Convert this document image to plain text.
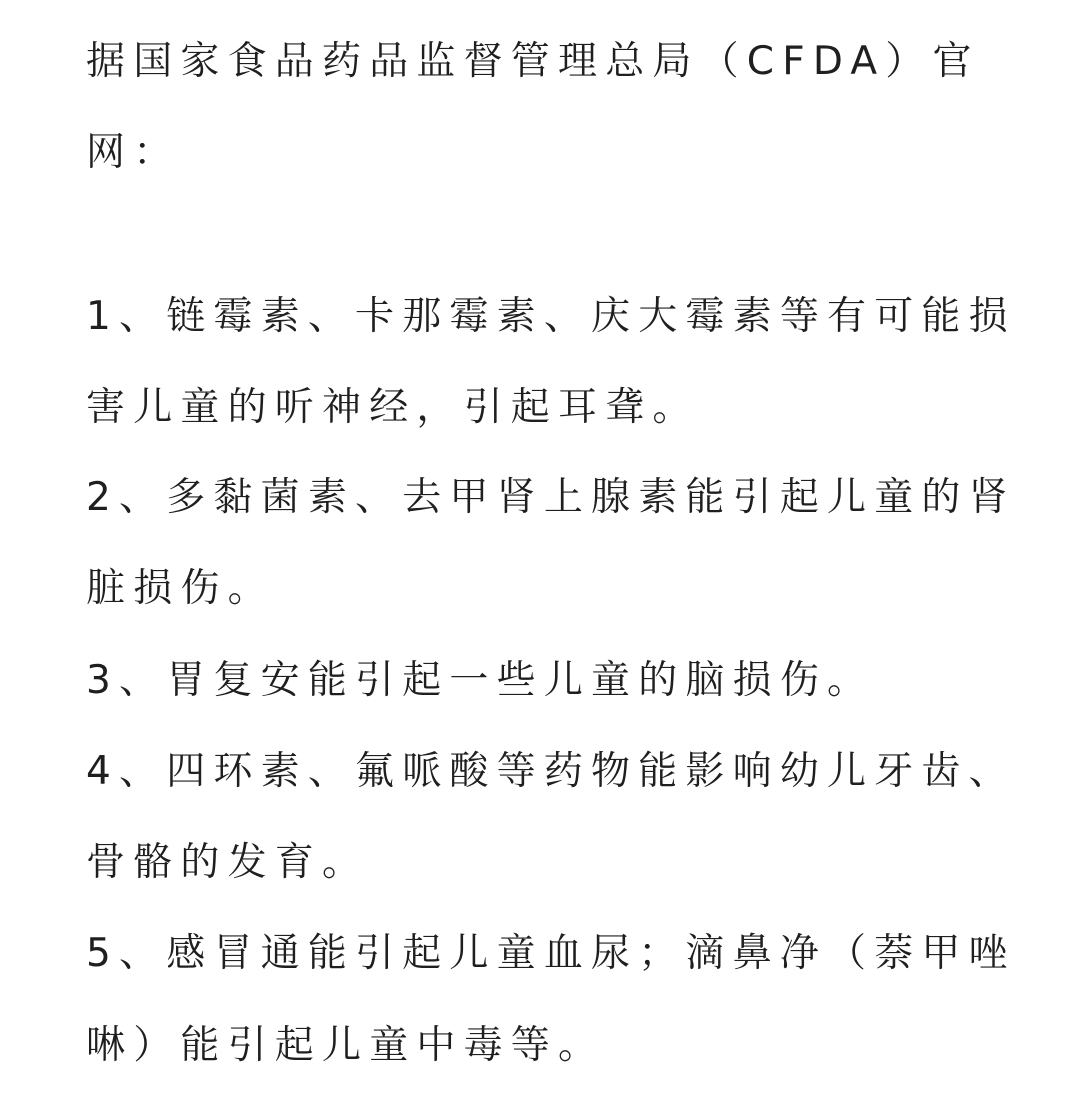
据国家食品药品监督管理总局（CFDA）官
网：
1、链霉素、卡那霉素、庆大霉素等有可能损
害儿童的听神经，引起耳聋。
2、多黏菌素、去甲肾上腺素能引起儿童的肾
脏损伤。
3、胃复安能引起一些儿童的脑损伤。
4、四环素、氟哌酸等药物能影响幼儿牙齿、
骨骼的发育。
5、感冒通能引起儿童血尿；滴鼻净（萘甲唑
啉）能引起儿童中毒等。
